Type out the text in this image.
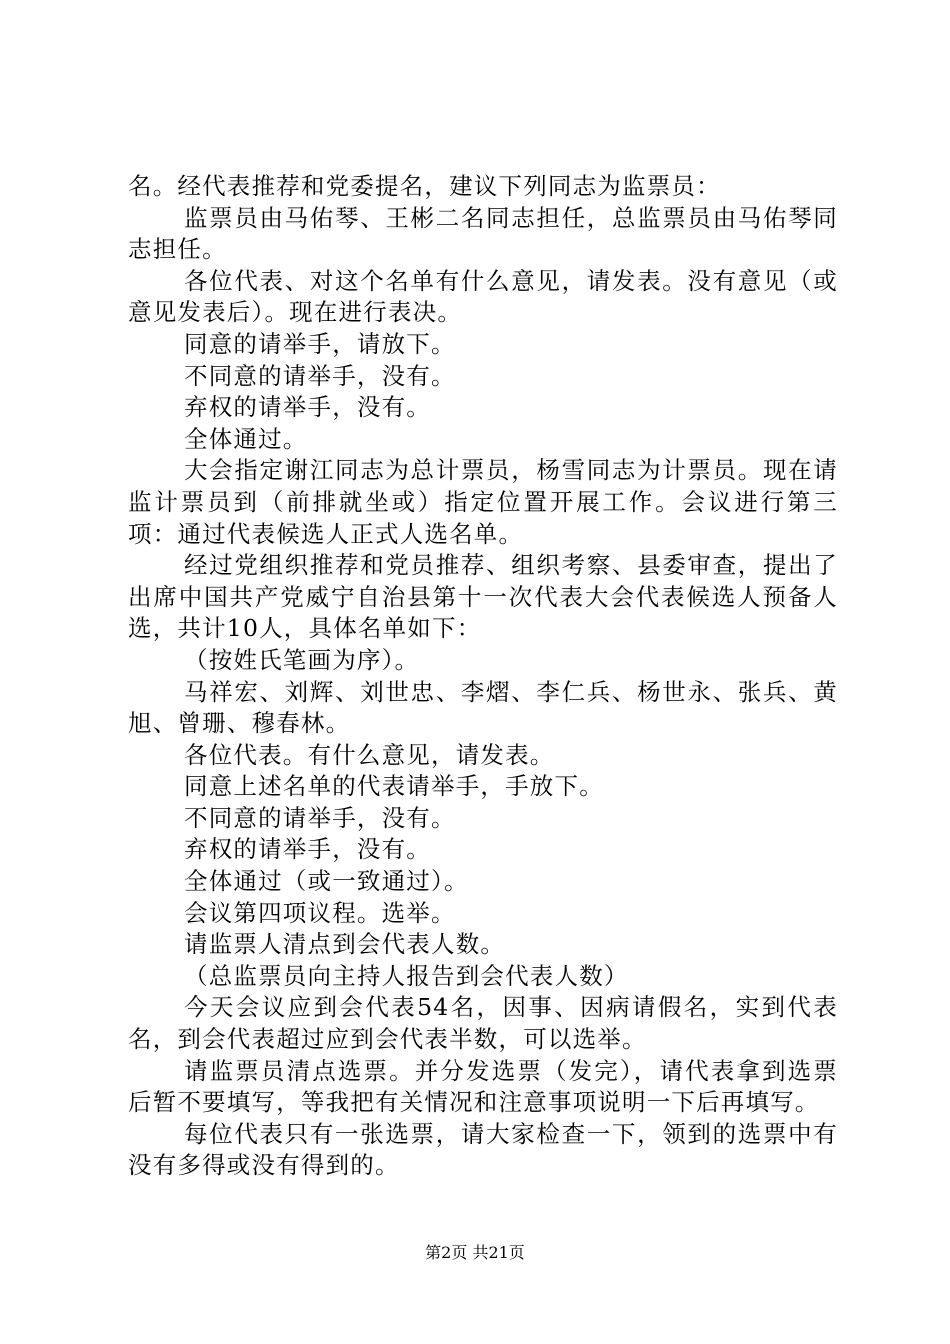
名。经代表推荐和党委提名，建议下列同志为监票员：

监票员由马佑琴、王彬二名同志担任，总监票员由马佑琴同志担任。

各位代表、对这个名单有什么意见，请发表。没有意见（或意见发表后）。现在进行表决。

同意的请举手，请放下。

不同意的请举手，没有。

弃权的请举手，没有。

全体通过。

大会指定谢江同志为总计票员，杨雪同志为计票员。现在请监计票员到（前排就坐或）指定位置开展工作。会议进行第三项：通过代表候选人正式人选名单。

经过党组织推荐和党员推荐、组织考察、县委审查，提出了出席中国共产党威宁自治县第十一次代表大会代表候选人预备人选，共计10人，具体名单如下：

（按姓氏笔画为序）。

马祥宏、刘辉、刘世忠、李熠、李仁兵、杨世永、张兵、黄旭、曾珊、穆春林。

各位代表。有什么意见，请发表。

同意上述名单的代表请举手，手放下。

不同意的请举手，没有。

弃权的请举手，没有。

全体通过（或一致通过）。

会议第四项议程。选举。

请监票人清点到会代表人数。

（总监票员向主持人报告到会代表人数）

今天会议应到会代表54名，因事、因病请假名，实到代表名，到会代表超过应到会代表半数，可以选举。

请监票员清点选票。并分发选票（发完），请代表拿到选票后暂不要填写，等我把有关情况和注意事项说明一下后再填写。

每位代表只有一张选票，请大家检查一下，领到的选票中有没有多得或没有得到的。

第2页 共21页
